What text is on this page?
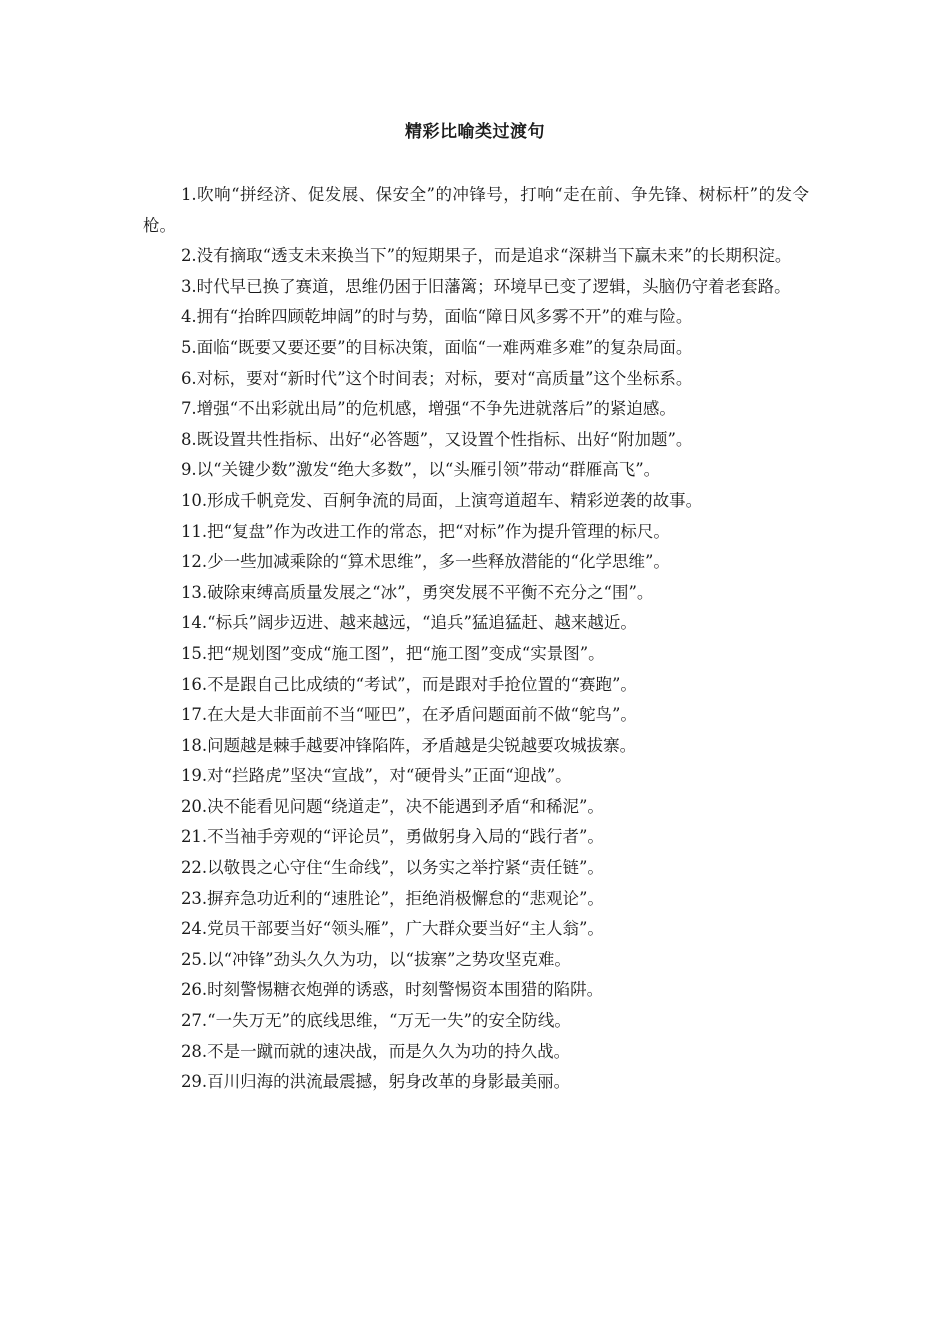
精彩比喻类过渡句

1.吹响“拼经济、促发展、保安全”的冲锋号，打响“走在前、争先锋、树标杆”的发令枪。

2.没有摘取“透支未来换当下”的短期果子，而是追求“深耕当下赢未来”的长期积淀。

3.时代早已换了赛道，思维仍困于旧藩篱；环境早已变了逻辑，头脑仍守着老套路。

4.拥有“抬眸四顾乾坤阔”的时与势，面临“障日风多雾不开”的难与险。

5.面临“既要又要还要”的目标决策，面临“一难两难多难”的复杂局面。

6.对标，要对“新时代”这个时间表；对标，要对“高质量”这个坐标系。

7.增强“不出彩就出局”的危机感，增强“不争先进就落后”的紧迫感。

8.既设置共性指标、出好“必答题”，又设置个性指标、出好“附加题”。

9.以“关键少数”激发“绝大多数”，以“头雁引领”带动“群雁高飞”。

10.形成千帆竞发、百舸争流的局面，上演弯道超车、精彩逆袭的故事。

11.把“复盘”作为改进工作的常态，把“对标”作为提升管理的标尺。

12.少一些加减乘除的“算术思维”，多一些释放潜能的“化学思维”。

13.破除束缚高质量发展之“冰”，勇突发展不平衡不充分之“围”。

14.“标兵”阔步迈进、越来越远，“追兵”猛追猛赶、越来越近。

15.把“规划图”变成“施工图”，把“施工图”变成“实景图”。

16.不是跟自己比成绩的“考试”，而是跟对手抢位置的“赛跑”。

17.在大是大非面前不当“哑巴”，在矛盾问题面前不做“鸵鸟”。

18.问题越是棘手越要冲锋陷阵，矛盾越是尖锐越要攻城拔寨。

19.对“拦路虎”坚决“宣战”，对“硬骨头”正面“迎战”。

20.决不能看见问题“绕道走”，决不能遇到矛盾“和稀泥”。

21.不当袖手旁观的“评论员”，勇做躬身入局的“践行者”。

22.以敬畏之心守住“生命线”，以务实之举拧紧“责任链”。

23.摒弃急功近利的“速胜论”，拒绝消极懈怠的“悲观论”。

24.党员干部要当好“领头雁”，广大群众要当好“主人翁”。

25.以“冲锋”劲头久久为功，以“拔寨”之势攻坚克难。

26.时刻警惕糖衣炮弹的诱惑，时刻警惕资本围猎的陷阱。

27.“一失万无”的底线思维，“万无一失”的安全防线。

28.不是一蹴而就的速决战，而是久久为功的持久战。

29.百川归海的洪流最震撼，躬身改革的身影最美丽。
